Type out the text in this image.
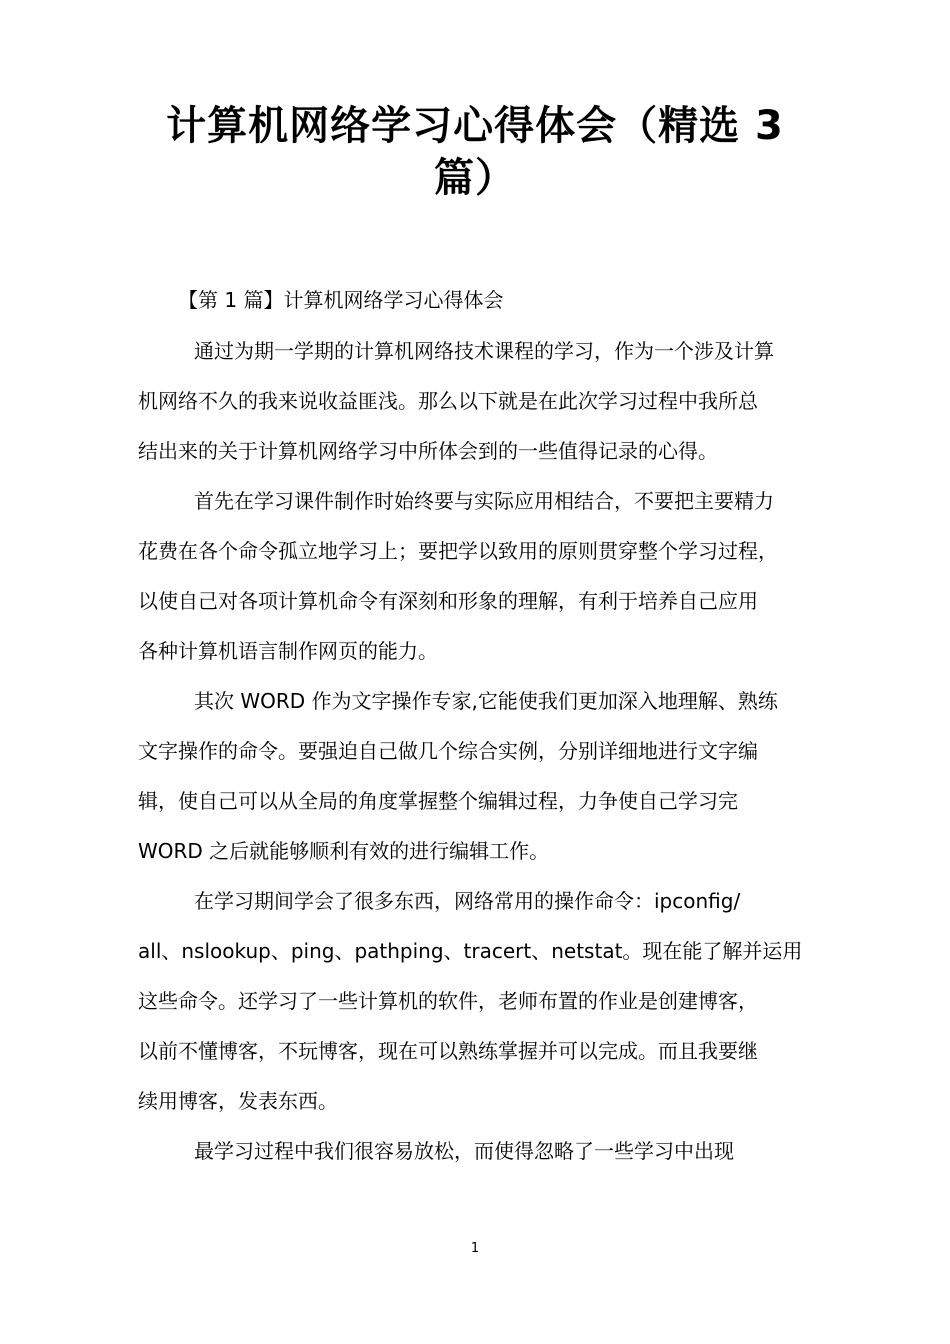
计算机网络学习心得体会（精选 3 篇）
【第 1 篇】计算机网络学习心得体会
通过为期一学期的计算机网络技术课程的学习，作为一个涉及计算
机网络不久的我来说收益匪浅。那么以下就是在此次学习过程中我所总
结出来的关于计算机网络学习中所体会到的一些值得记录的心得。
首先在学习课件制作时始终要与实际应用相结合，不要把主要精力
花费在各个命令孤立地学习上；要把学以致用的原则贯穿整个学习过程，
以使自己对各项计算机命令有深刻和形象的理解，有利于培养自己应用
各种计算机语言制作网页的能力。
其次 WORD 作为文字操作专家,它能使我们更加深入地理解、熟练
文字操作的命令。要强迫自己做几个综合实例，分别详细地进行文字编
辑，使自己可以从全局的角度掌握整个编辑过程，力争使自己学习完
WORD 之后就能够顺利有效的进行编辑工作。
在学习期间学会了很多东西，网络常用的操作命令：ipconfig/
all、nslookup、ping、pathping、tracert、netstat。现在能了解并运用
这些命令。还学习了一些计算机的软件，老师布置的作业是创建博客，
以前不懂博客，不玩博客，现在可以熟练掌握并可以完成。而且我要继
续用博客，发表东西。
最学习过程中我们很容易放松，而使得忽略了一些学习中出现
1
